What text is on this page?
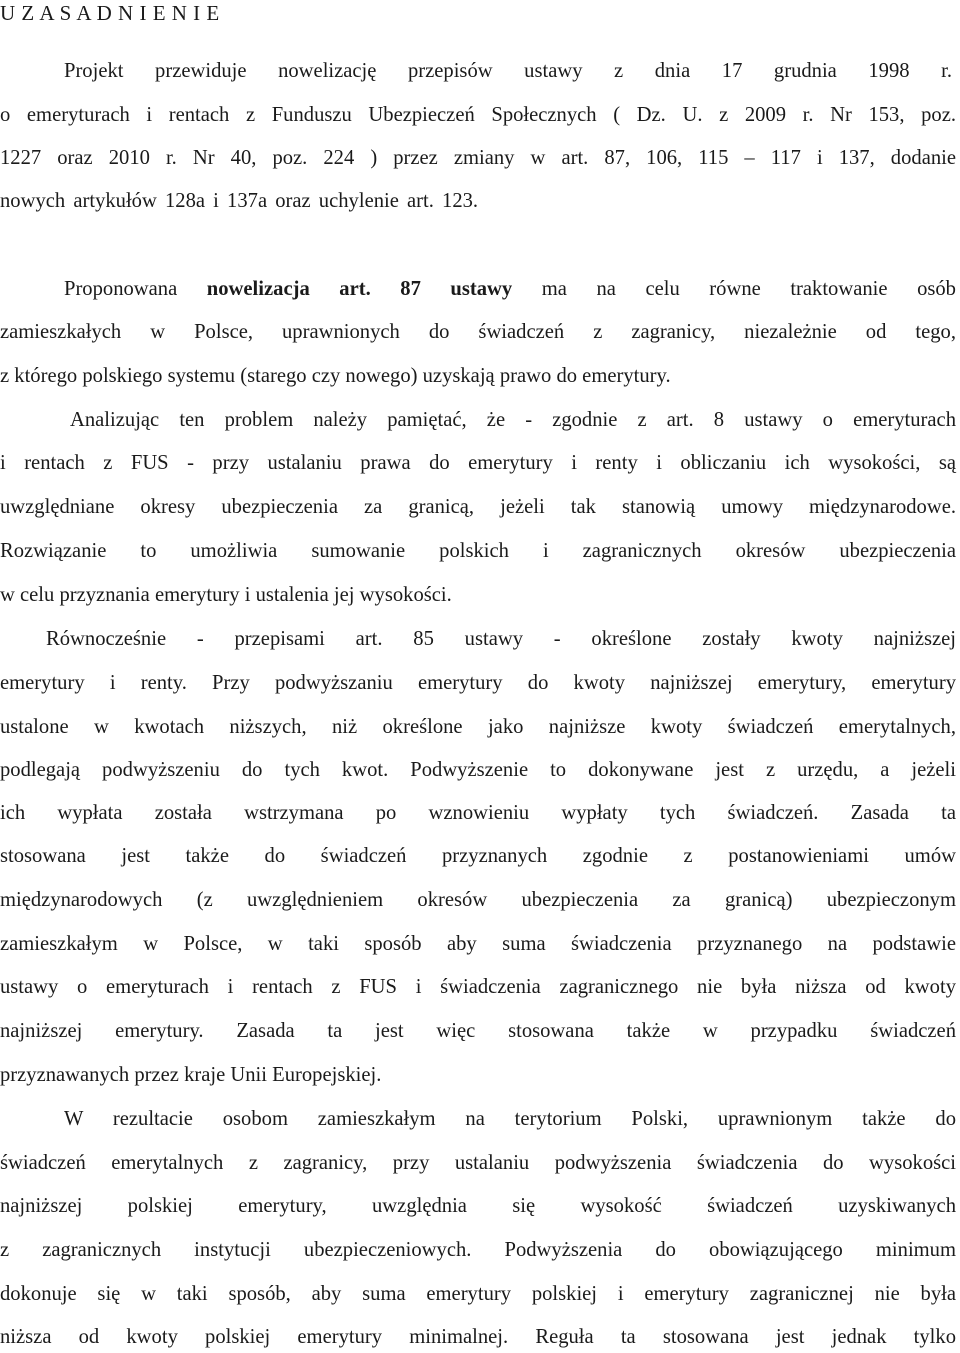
U Z A S A D N I E N I E
Projekt przewiduje nowelizację przepisów ustawy z dnia 17 grudnia 1998 r.
o emeryturach i rentach z Funduszu Ubezpieczeń Społecznych ( Dz. U. z 2009 r. Nr 153, poz.
1227 oraz 2010 r. Nr 40, poz. 224 ) przez zmiany w art. 87, 106, 115 – 117 i 137, dodanie
nowych artykułów 128a i 137a oraz uchylenie art. 123.
Proponowana nowelizacja art. 87 ustawy ma na celu równe traktowanie osób
zamieszkałych w Polsce, uprawnionych do świadczeń z zagranicy, niezależnie od tego,
z którego polskiego systemu (starego czy nowego) uzyskają prawo do emerytury.
Analizując ten problem należy pamiętać, że - zgodnie z art. 8 ustawy o emeryturach
i rentach z FUS - przy ustalaniu prawa do emerytury i renty i obliczaniu ich wysokości, są
uwzględniane okresy ubezpieczenia za granicą, jeżeli tak stanowią umowy międzynarodowe.
Rozwiązanie to umożliwia sumowanie polskich i zagranicznych okresów ubezpieczenia
w celu przyznania emerytury i ustalenia jej wysokości.
Równocześnie - przepisami art. 85 ustawy - określone zostały kwoty najniższej
emerytury i renty. Przy podwyższaniu emerytury do kwoty najniższej emerytury, emerytury
ustalone w kwotach niższych, niż określone jako najniższe kwoty świadczeń emerytalnych,
podlegają podwyższeniu do tych kwot. Podwyższenie to dokonywane jest z urzędu, a jeżeli
ich wypłata została wstrzymana po wznowieniu wypłaty tych świadczeń. Zasada ta
stosowana jest także do świadczeń przyznanych zgodnie z postanowieniami umów
międzynarodowych (z uwzględnieniem okresów ubezpieczenia za granicą) ubezpieczonym
zamieszkałym w Polsce, w taki sposób aby suma świadczenia przyznanego na podstawie
ustawy o emeryturach i rentach z FUS i świadczenia zagranicznego nie była niższa od kwoty
najniższej emerytury. Zasada ta jest więc stosowana także w przypadku świadczeń
przyznawanych przez kraje Unii Europejskiej.
W rezultacie osobom zamieszkałym na terytorium Polski, uprawnionym także do
świadczeń emerytalnych z zagranicy, przy ustalaniu podwyższenia świadczenia do wysokości
najniższej polskiej emerytury, uwzględnia się wysokość świadczeń uzyskiwanych
z zagranicznych instytucji ubezpieczeniowych. Podwyższenia do obowiązującego minimum
dokonuje się w taki sposób, aby suma emerytury polskiej i emerytury zagranicznej nie była
niższa od kwoty polskiej emerytury minimalnej. Reguła ta stosowana jest jednak tylko
